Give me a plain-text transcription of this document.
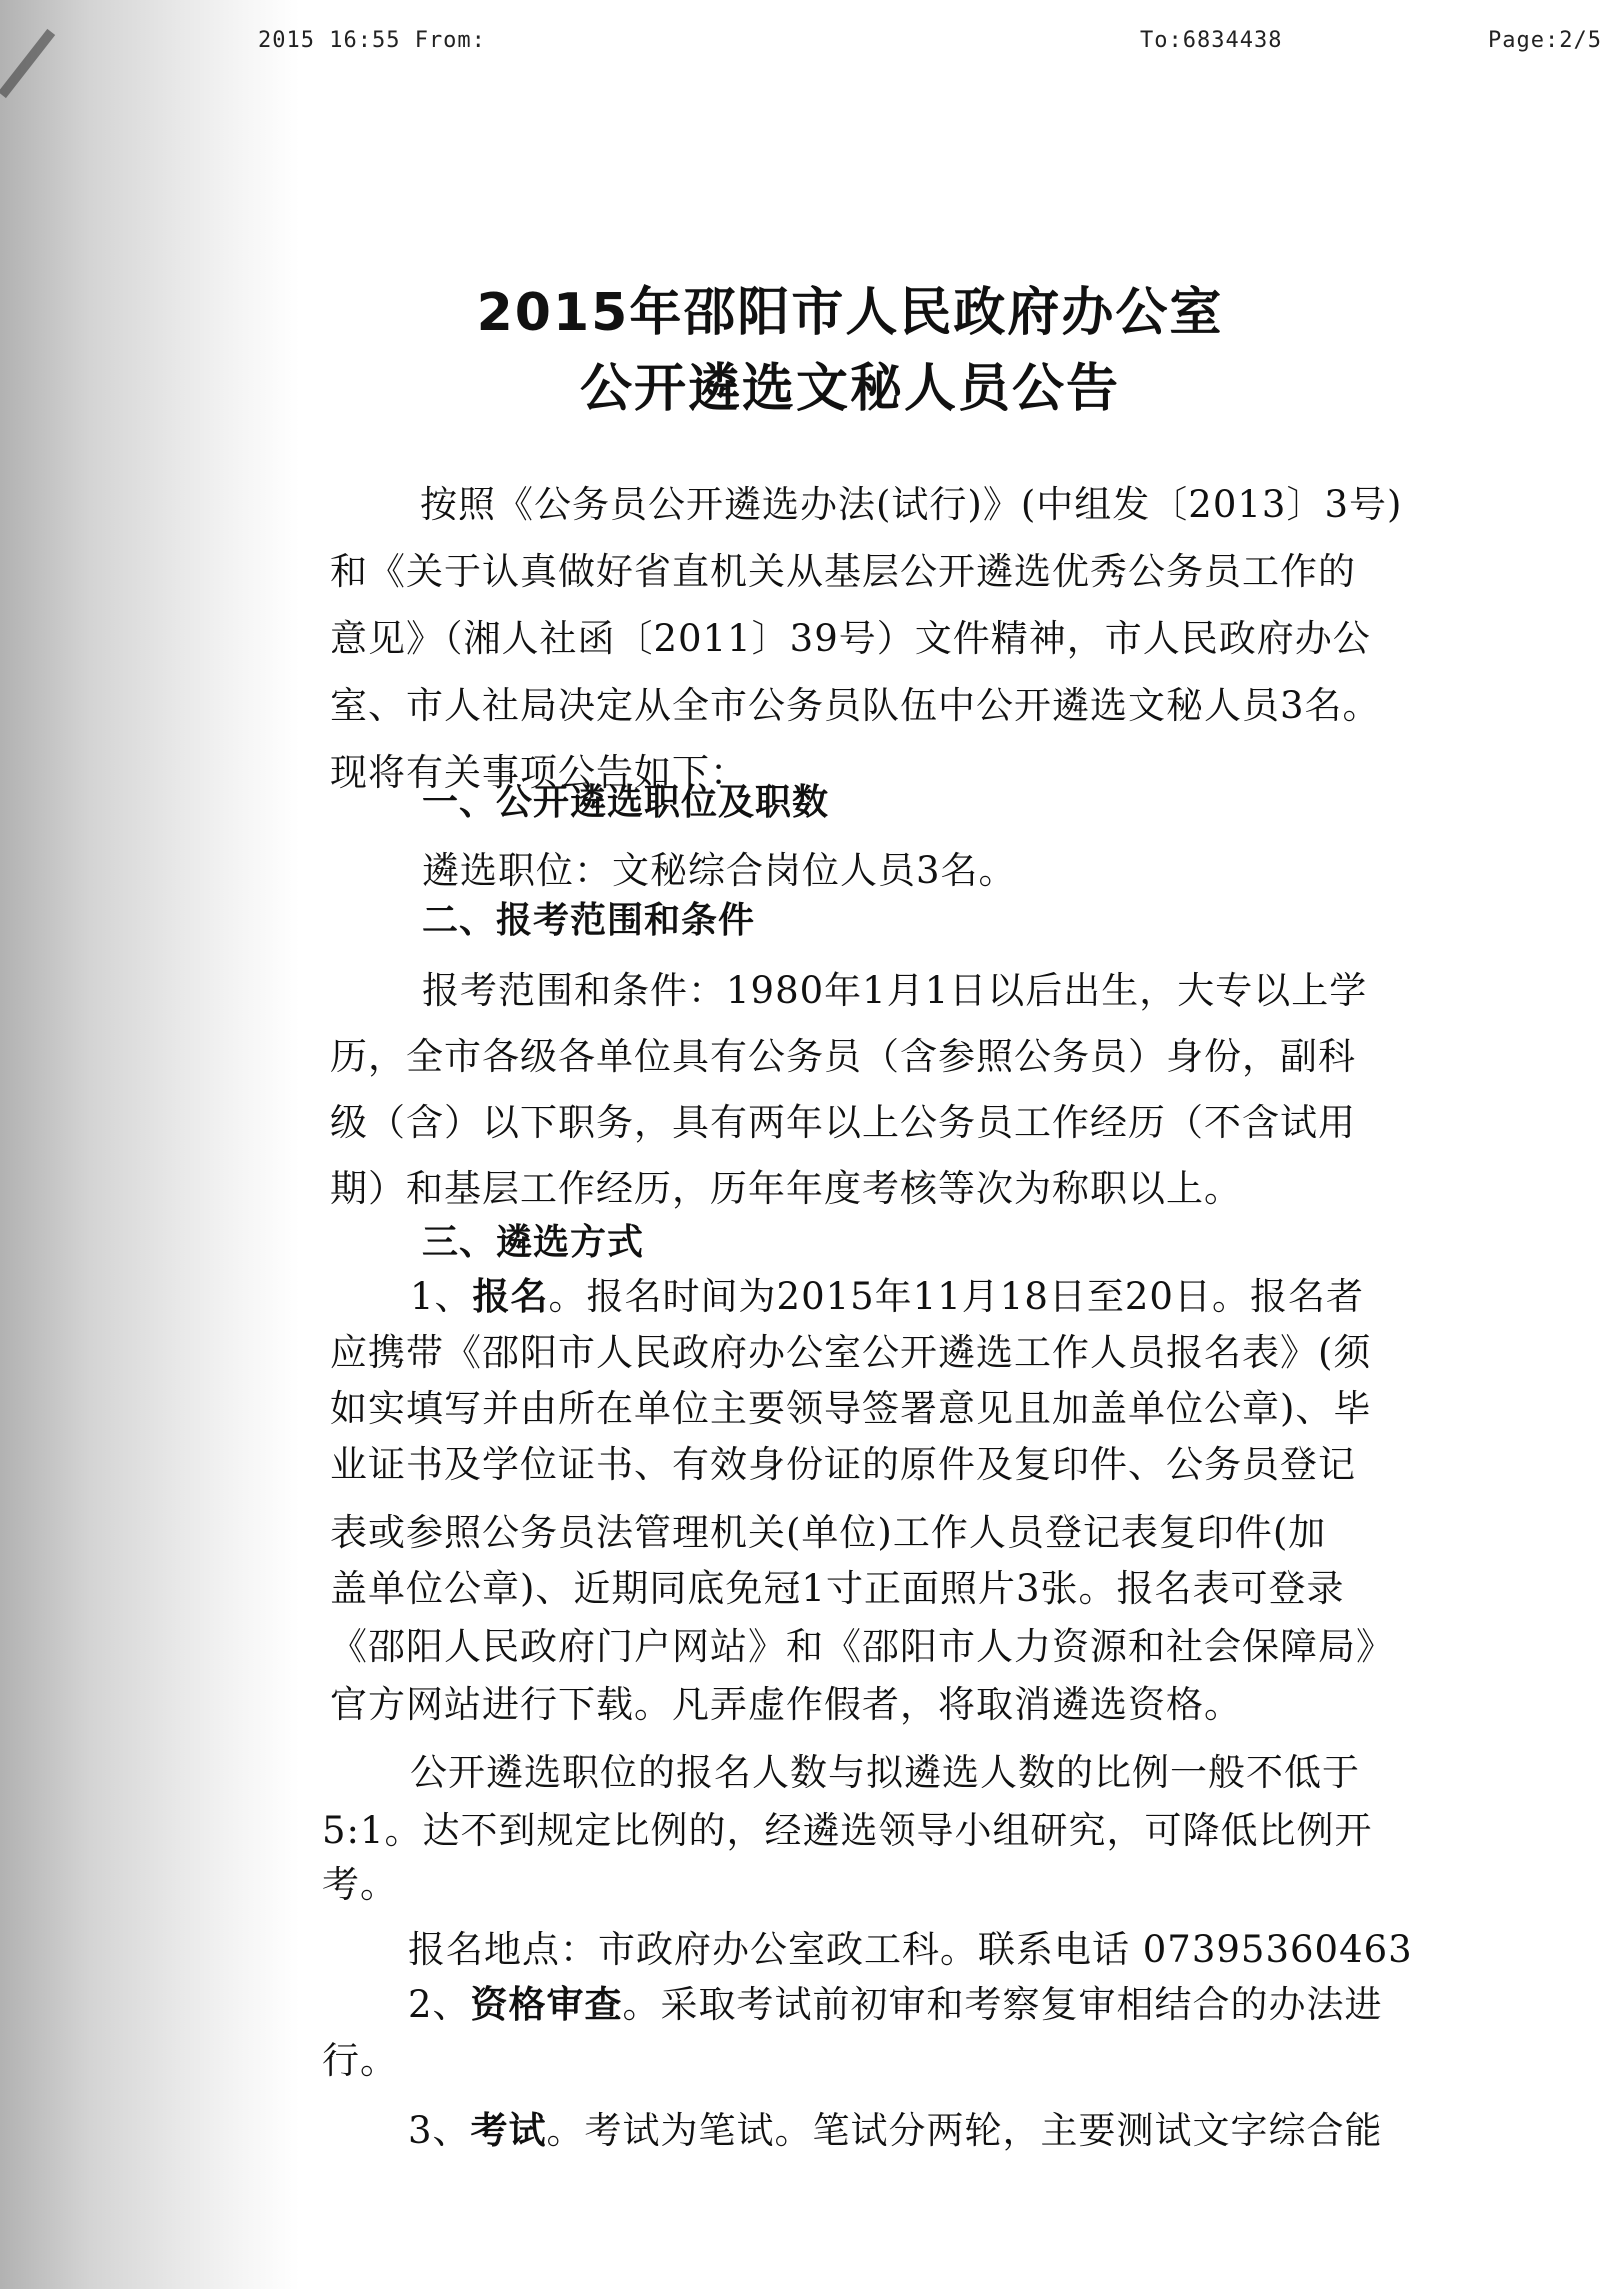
2015 16:55 From:	To:6834438	Page:2/5
2015年邵阳市人民政府办公室
公开遴选文秘人员公告
按照《公务员公开遴选办法(试行)》(中组发〔2013〕3号)
和《关于认真做好省直机关从基层公开遴选优秀公务员工作的
意见》（湘人社函〔2011〕39号）文件精神，市人民政府办公
室、市人社局决定从全市公务员队伍中公开遴选文秘人员3名。
现将有关事项公告如下：
一、公开遴选职位及职数
遴选职位：文秘综合岗位人员3名。
二、报考范围和条件
报考范围和条件：1980年1月1日以后出生，大专以上学
历，全市各级各单位具有公务员（含参照公务员）身份，副科
级（含）以下职务，具有两年以上公务员工作经历（不含试用
期）和基层工作经历，历年年度考核等次为称职以上。
三、遴选方式
1、报名。报名时间为2015年11月18日至20日。报名者
应携带《邵阳市人民政府办公室公开遴选工作人员报名表》(须
如实填写并由所在单位主要领导签署意见且加盖单位公章)、毕
业证书及学位证书、有效身份证的原件及复印件、公务员登记
表或参照公务员法管理机关(单位)工作人员登记表复印件(加
盖单位公章)、近期同底免冠1寸正面照片3张。报名表可登录
《邵阳人民政府门户网站》和《邵阳市人力资源和社会保障局》
官方网站进行下载。凡弄虚作假者，将取消遴选资格。
公开遴选职位的报名人数与拟遴选人数的比例一般不低于
5:1。达不到规定比例的，经遴选领导小组研究，可降低比例开
考。
报名地点：市政府办公室政工科。联系电话 07395360463
2、资格审查。采取考试前初审和考察复审相结合的办法进
行。
3、考试。考试为笔试。笔试分两轮，主要测试文字综合能
